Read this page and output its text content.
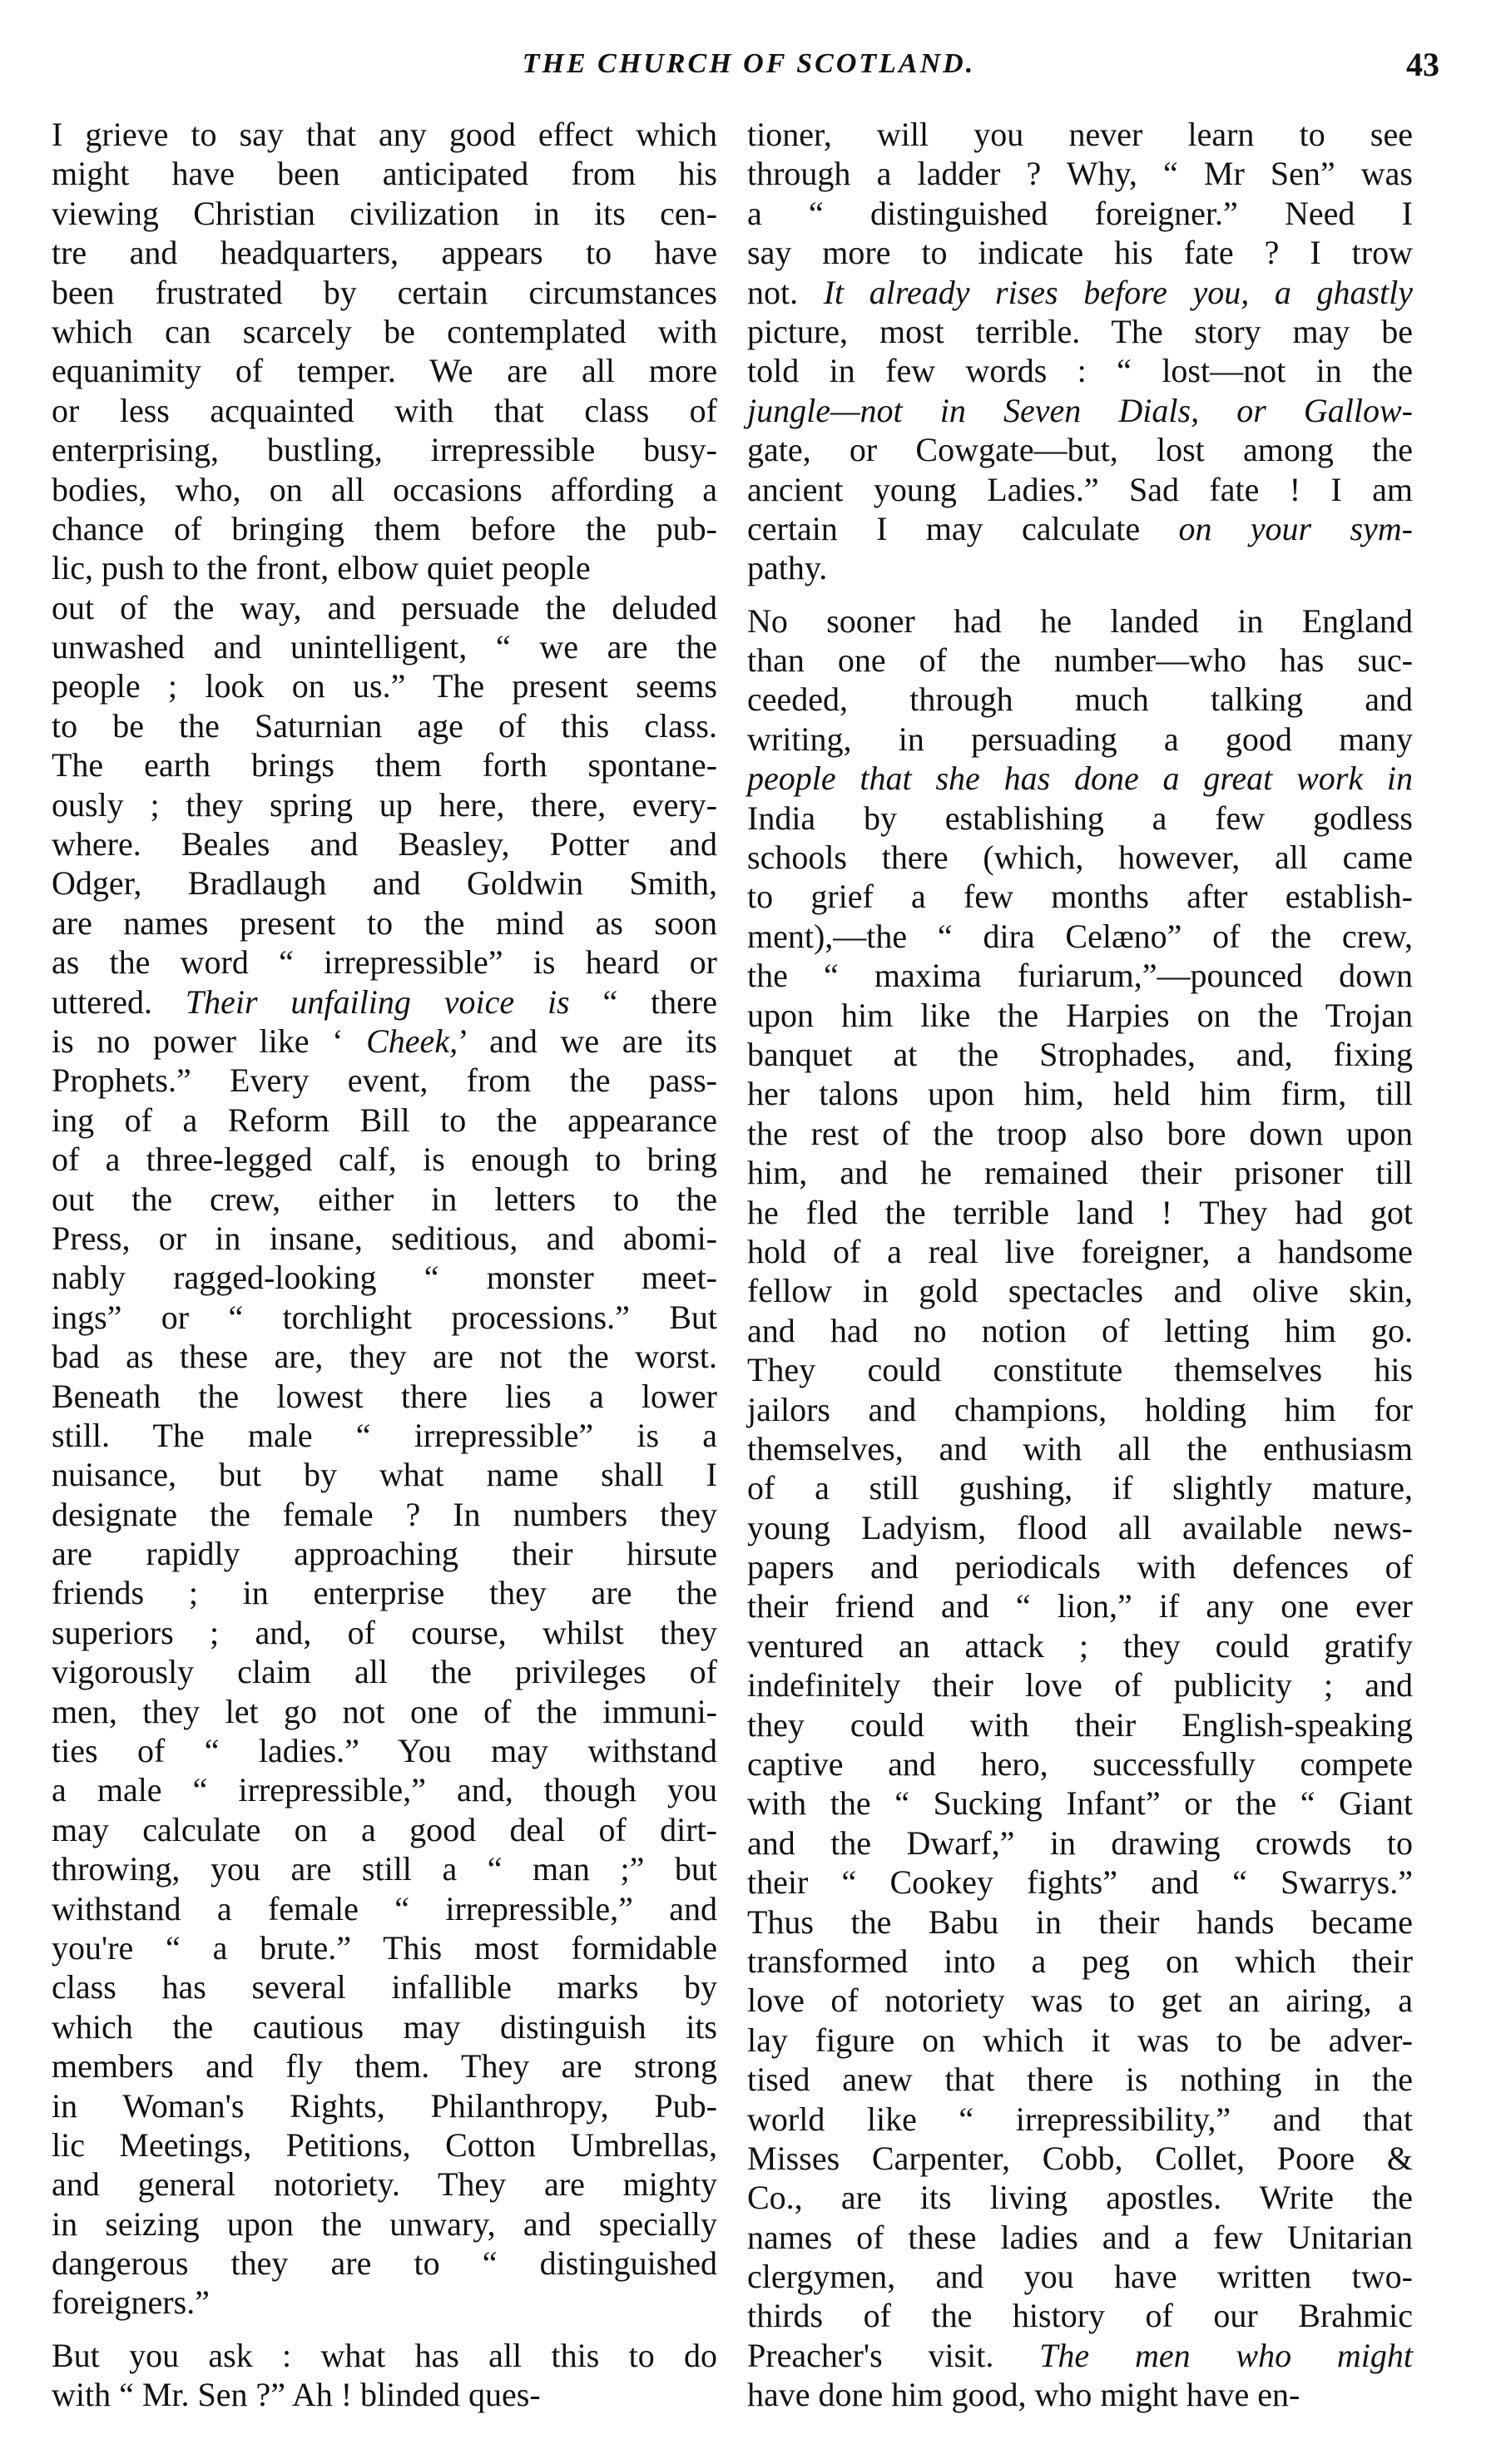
THE CHURCH OF SCOTLAND.	43
I grieve to say that any good effect which
might have been anticipated from his
viewing Christian civilization in its cen-
tre and headquarters, appears to have
been frustrated by certain circumstances
which can scarcely be contemplated with
equanimity of temper. We are all more
or less acquainted with that class of
enterprising, bustling, irrepressible busy-
bodies, who, on all occasions affording a
chance of bringing them before the pub-
lic, push to the front, elbow quiet people
out of the way, and persuade the deluded
unwashed and unintelligent, “ we are the
people ; look on us.” The present seems
to be the Saturnian age of this class.
The earth brings them forth spontane-
ously ; they spring up here, there, every-
where. Beales and Beasley, Potter and
Odger, Bradlaugh and Goldwin Smith,
are names present to the mind as soon
as the word “ irrepressible” is heard or
uttered. Their unfailing voice is “ there
is no power like ‘ Cheek,’ and we are its
Prophets.” Every event, from the pass-
ing of a Reform Bill to the appearance
of a three-legged calf, is enough to bring
out the crew, either in letters to the
Press, or in insane, seditious, and abomi-
nably ragged-looking “ monster meet-
ings” or “ torchlight processions.” But
bad as these are, they are not the worst.
Beneath the lowest there lies a lower
still. The male “ irrepressible” is a
nuisance, but by what name shall I
designate the female ? In numbers they
are rapidly approaching their hirsute
friends ; in enterprise they are the
superiors ; and, of course, whilst they
vigorously claim all the privileges of
men, they let go not one of the immuni-
ties of “ ladies.” You may withstand
a male “ irrepressible,” and, though you
may calculate on a good deal of dirt-
throwing, you are still a “ man ;” but
withstand a female “ irrepressible,” and
you're “ a brute.” This most formidable
class has several infallible marks by
which the cautious may distinguish its
members and fly them. They are strong
in Woman's Rights, Philanthropy, Pub-
lic Meetings, Petitions, Cotton Umbrellas,
and general notoriety. They are mighty
in seizing upon the unwary, and specially
dangerous they are to “ distinguished
foreigners.”
But you ask : what has all this to do
with “ Mr. Sen ?” Ah ! blinded ques-
tioner, will you never learn to see
through a ladder ? Why, “ Mr Sen” was
a “ distinguished foreigner.” Need I
say more to indicate his fate ? I trow
not. It already rises before you, a ghastly
picture, most terrible. The story may be
told in few words : “ lost—not in the
jungle—not in Seven Dials, or Gallow-
gate, or Cowgate—but, lost among the
ancient young Ladies.” Sad fate ! I am
certain I may calculate on your sym-
pathy.
No sooner had he landed in England
than one of the number—who has suc-
ceeded, through much talking and
writing, in persuading a good many
people that she has done a great work in
India by establishing a few godless
schools there (which, however, all came
to grief a few months after establish-
ment),—the “ dira Celæno” of the crew,
the “ maxima furiarum,”—pounced down
upon him like the Harpies on the Trojan
banquet at the Strophades, and, fixing
her talons upon him, held him firm, till
the rest of the troop also bore down upon
him, and he remained their prisoner till
he fled the terrible land ! They had got
hold of a real live foreigner, a handsome
fellow in gold spectacles and olive skin,
and had no notion of letting him go.
They could constitute themselves his
jailors and champions, holding him for
themselves, and with all the enthusiasm
of a still gushing, if slightly mature,
young Ladyism, flood all available news-
papers and periodicals with defences of
their friend and “ lion,” if any one ever
ventured an attack ; they could gratify
indefinitely their love of publicity ; and
they could with their English-speaking
captive and hero, successfully compete
with the “ Sucking Infant” or the “ Giant
and the Dwarf,” in drawing crowds to
their “ Cookey fights” and “ Swarrys.”
Thus the Babu in their hands became
transformed into a peg on which their
love of notoriety was to get an airing, a
lay figure on which it was to be adver-
tised anew that there is nothing in the
world like “ irrepressibility,” and that
Misses Carpenter, Cobb, Collet, Poore &
Co., are its living apostles. Write the
names of these ladies and a few Unitarian
clergymen, and you have written two-
thirds of the history of our Brahmic
Preacher's visit. The men who might
have done him good, who might have en-
